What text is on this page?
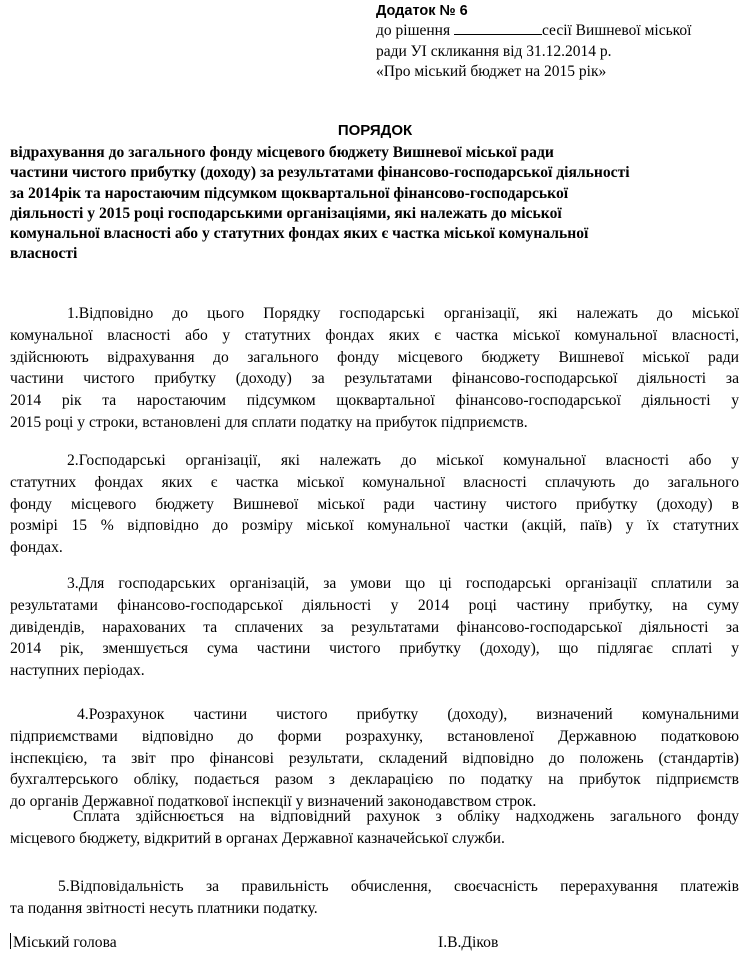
Додаток № 6

до рішення	сесії Вишневої міської

ради УІ скликання від 31.12.2014 р.

«Про міський бюджет на 2015 рік»

ПОРЯДОК

відрахування до загального фонду місцевого бюджету Вишневої міської ради
частини чистого прибутку (доходу) за результатами фінансово-господарської діяльності
за 2014рік та наростаючим підсумком щоквартальної фінансово-господарської
діяльності у 2015 році господарськими організаціями, які належать до міської
комунальної власності або у статутних фондах яких є частка міської комунальної
власності
1.Відповідно до цього Порядку господарські організації, які належать до міської
комунальної власності або у статутних фондах яких є частка міської комунальної власності,
здійснюють відрахування до загального фонду місцевого бюджету Вишневої міської ради
частини чистого прибутку (доходу) за результатами фінансово-господарської діяльності за
2014 рік та наростаючим підсумком щоквартальної фінансово-господарської діяльності у
2015 році у строки, встановлені для сплати податку на прибуток підприємств.
2.Господарські організації, які належать до міської комунальної власності або у
статутних фондах яких є частка міської комунальної власності сплачують до загального
фонду місцевого бюджету Вишневої міської ради частину чистого прибутку (доходу) в
розмірі 15 % відповідно до розміру міської комунальної частки (акцій, паїв) у їх статутних
фондах.
3.Для господарських організацій, за умови що ці господарські організації сплатили за
результатами фінансово-господарської діяльності у 2014 році частину прибутку, на суму
дивідендів, нарахованих та сплачених за результатами фінансово-господарської діяльності за
2014 рік, зменшується сума частини чистого прибутку (доходу), що підлягає сплаті у
наступних періодах.
4.Розрахунок частини чистого прибутку (доходу), визначений комунальними
підприємствами відповідно до форми розрахунку, встановленої Державною податковою
інспекцією, та звіт про фінансові результати, складений відповідно до положень (стандартів)
бухгалтерського обліку, подається разом з декларацією по податку на прибуток підприємств
до органів Державної податкової інспекції у визначений законодавством строк.
Сплата здійснюється на відповідний рахунок з обліку надходжень загального фонду
місцевого бюджету, відкритий в органах Державної казначейської служби.
5.Відповідальність за правильність обчислення, своєчасність перерахування платежів
та подання звітності несуть платники податку.

Міський голова	І.В.Діков
